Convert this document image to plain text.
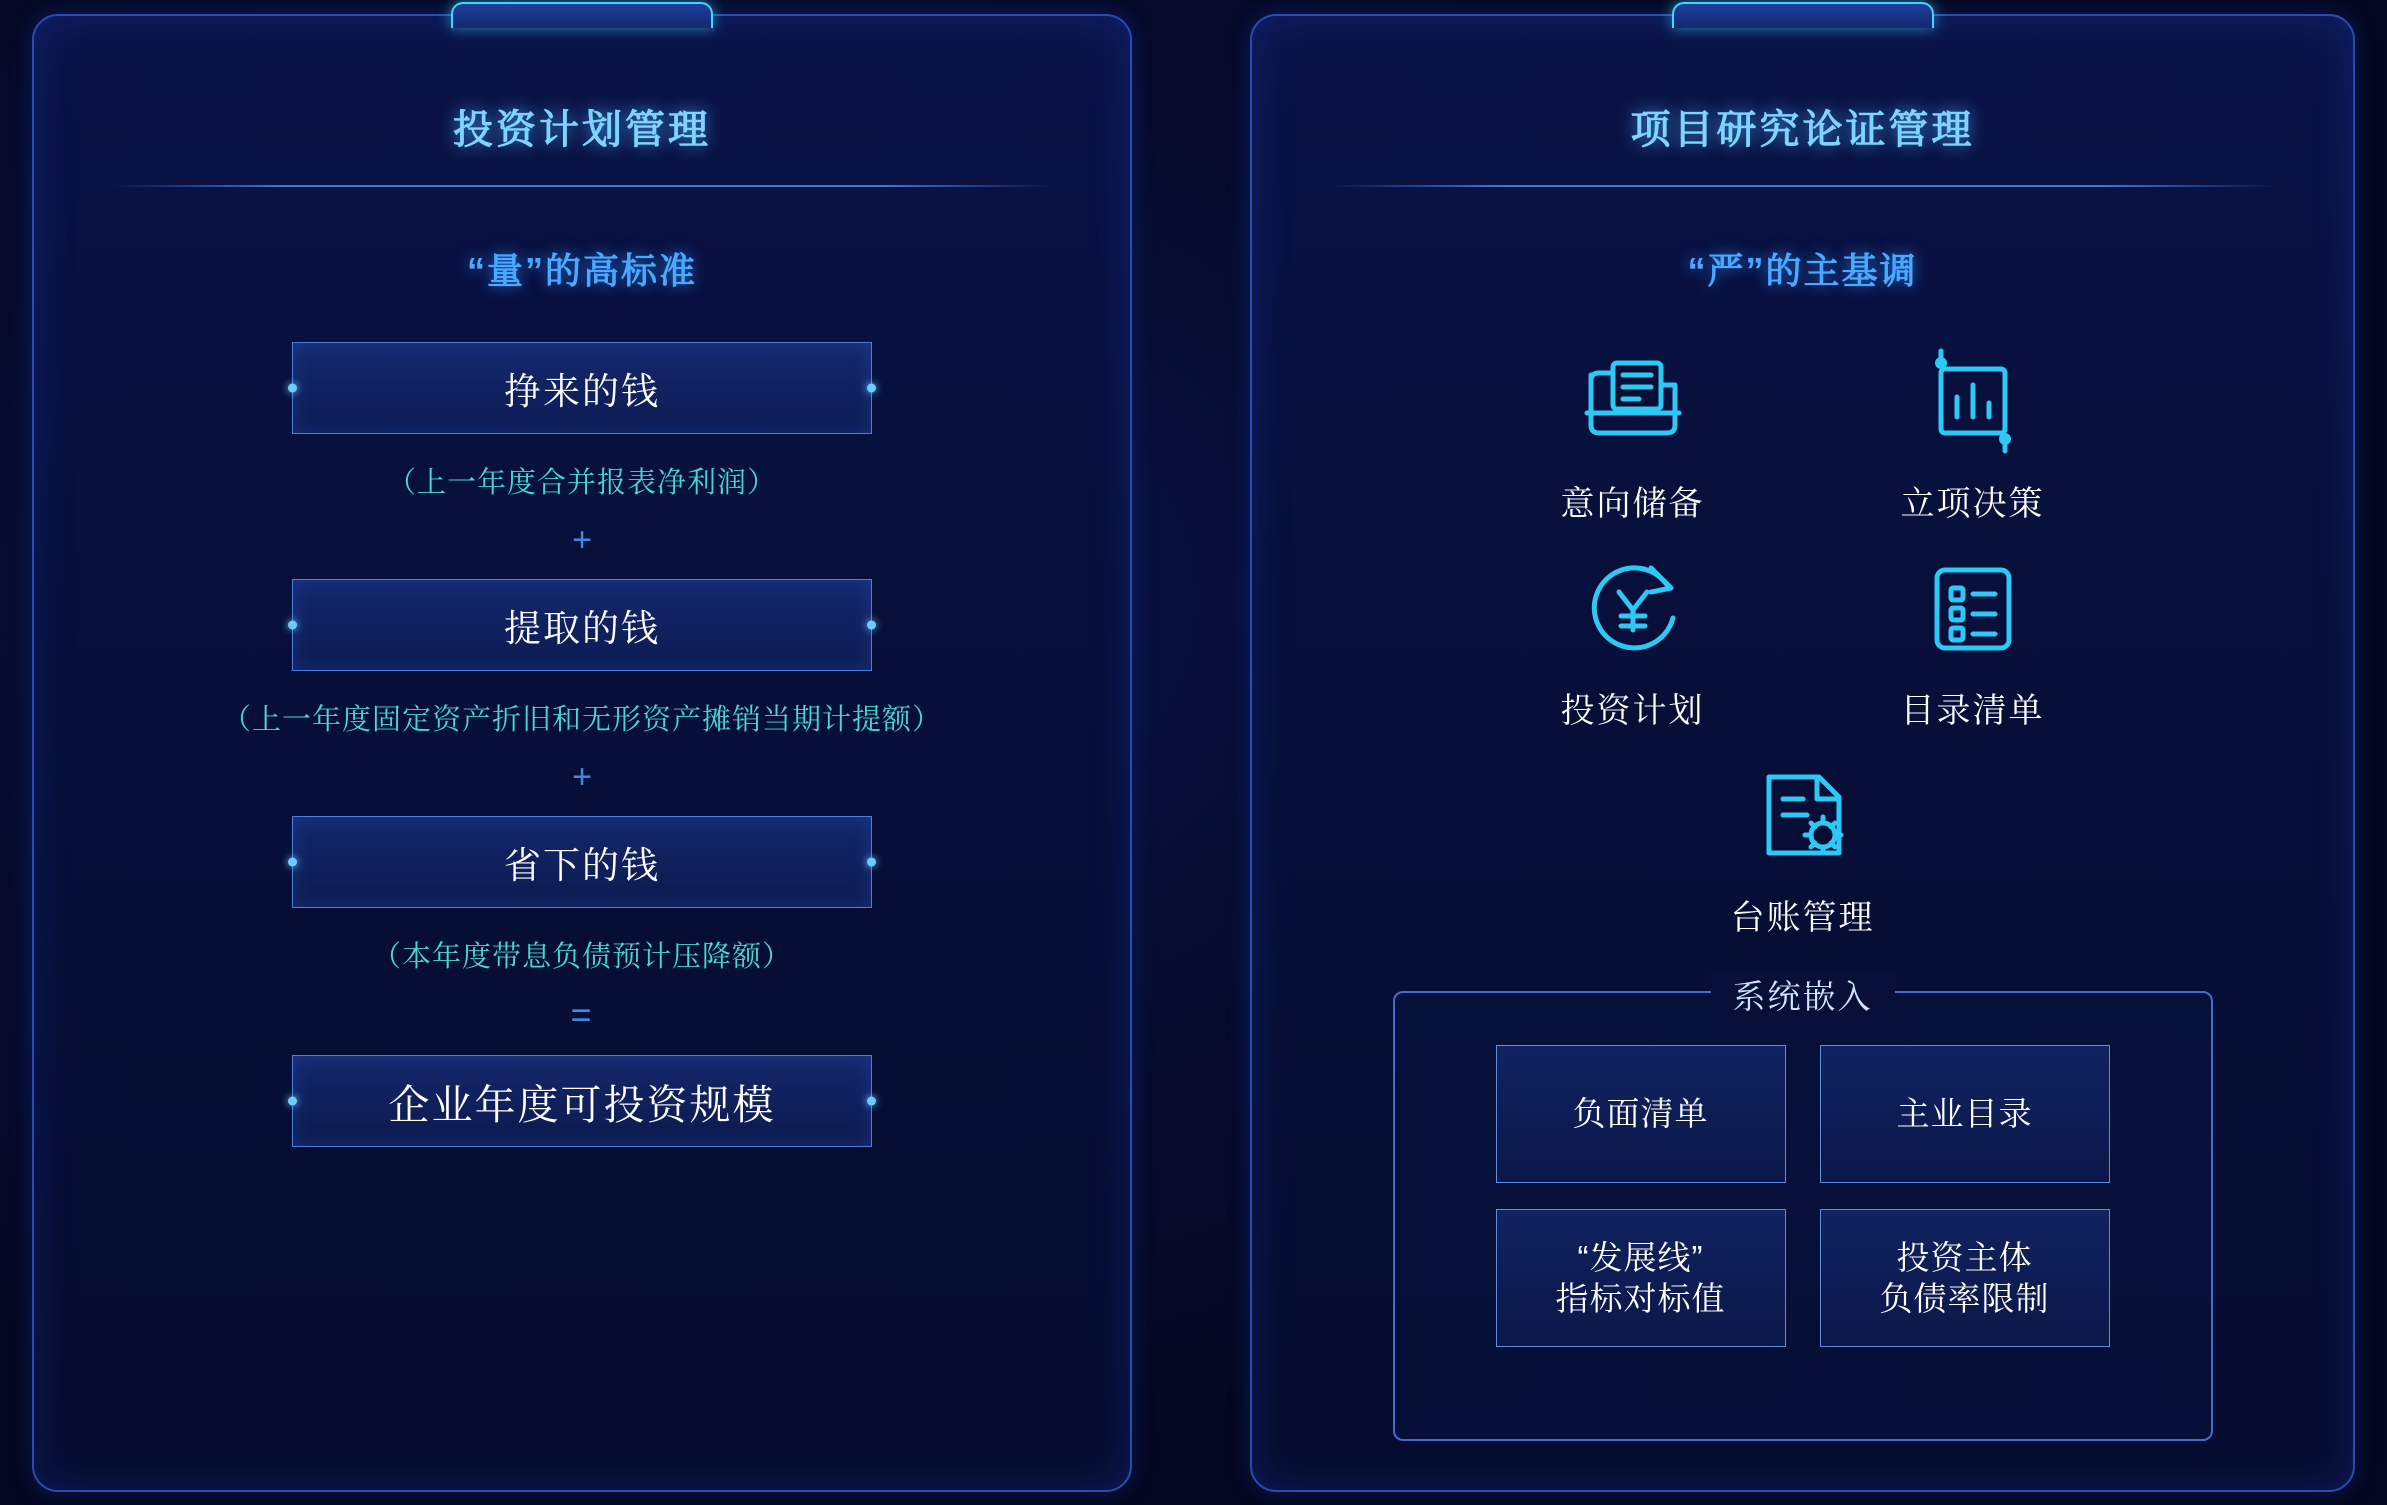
投资计划管理
“量”的高标准
挣来的钱
（上一年度合并报表净利润）
+
提取的钱
（上一年度固定资产折旧和无形资产摊销当期计提额）
+
省下的钱
（本年度带息负债预计压降额）
=
企业年度可投资规模
项目研究论证管理
“严”的主基调
意向储备	立项决策
投资计划	目录清单
台账管理
系统嵌入
负面清单	主业目录
“发展线”
指标对标值
投资主体
负债率限制
